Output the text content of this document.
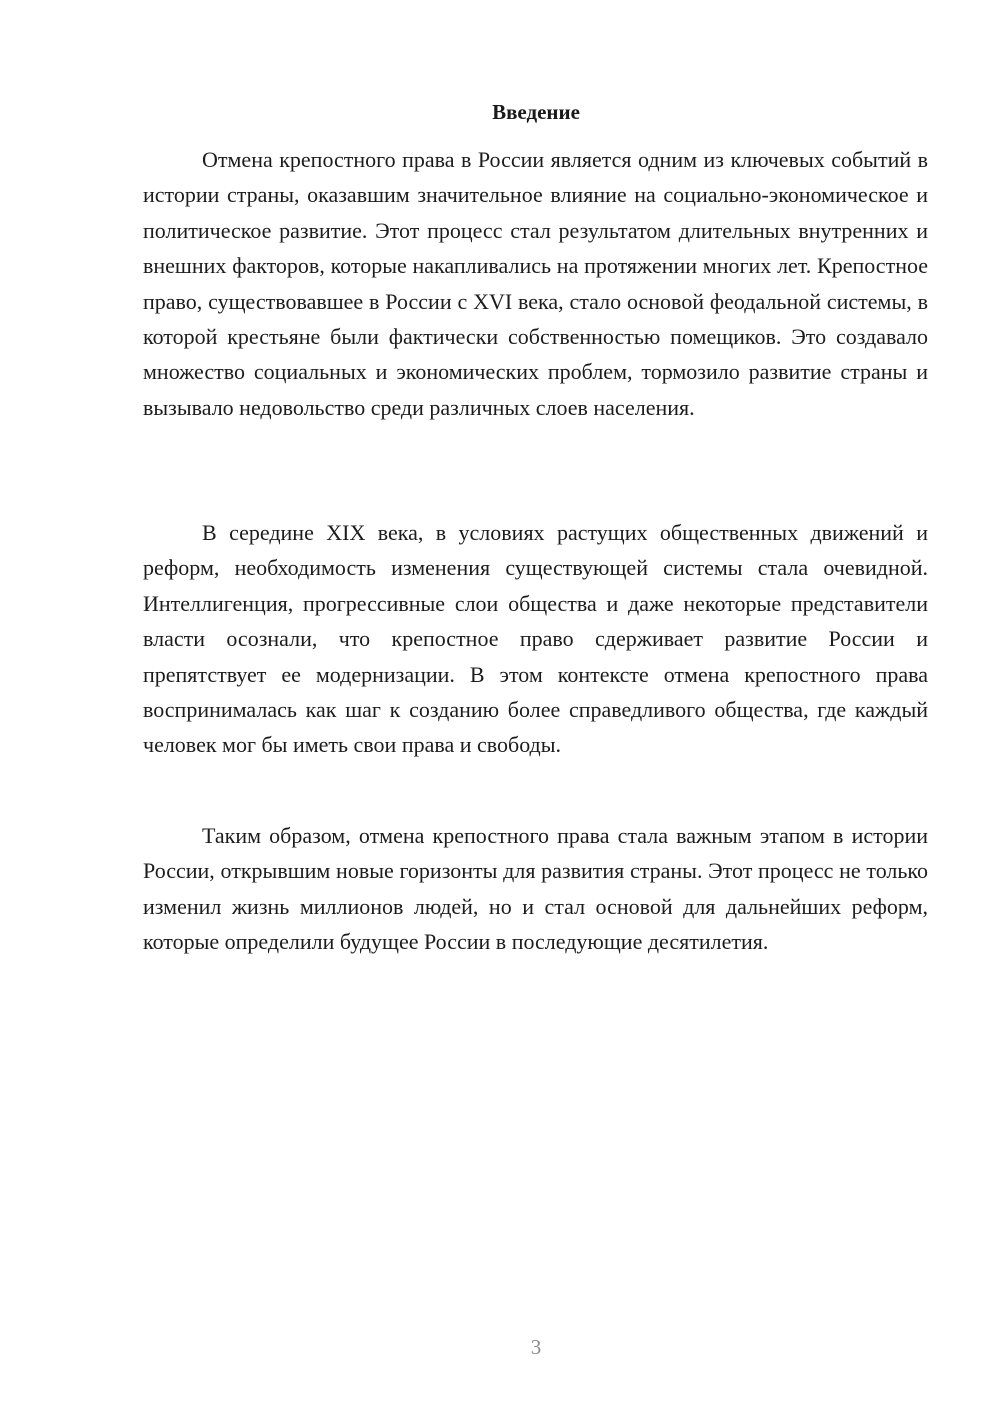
Введение

Отмена крепостного права в России является одним из ключевых событий в истории страны, оказавшим значительное влияние на социально-экономическое и политическое развитие. Этот процесс стал результатом длительных внутренних и внешних факторов, которые накапливались на протяжении многих лет. Крепостное право, существовавшее в России с XVI века, стало основой феодальной системы, в которой крестьяне были фактически собственностью помещиков. Это создавало множество социальных и экономических проблем, тормозило развитие страны и вызывало недовольство среди различных слоев населения.

В середине XIX века, в условиях растущих общественных движений и реформ, необходимость изменения существующей системы стала очевидной. Интеллигенция, прогрессивные слои общества и даже некоторые представители власти осознали, что крепостное право сдерживает развитие России и препятствует ее модернизации. В этом контексте отмена крепостного права воспринималась как шаг к созданию более справедливого общества, где каждый человек мог бы иметь свои права и свободы.

Таким образом, отмена крепостного права стала важным этапом в истории России, открывшим новые горизонты для развития страны. Этот процесс не только изменил жизнь миллионов людей, но и стал основой для дальнейших реформ, которые определили будущее России в последующие десятилетия.

3
